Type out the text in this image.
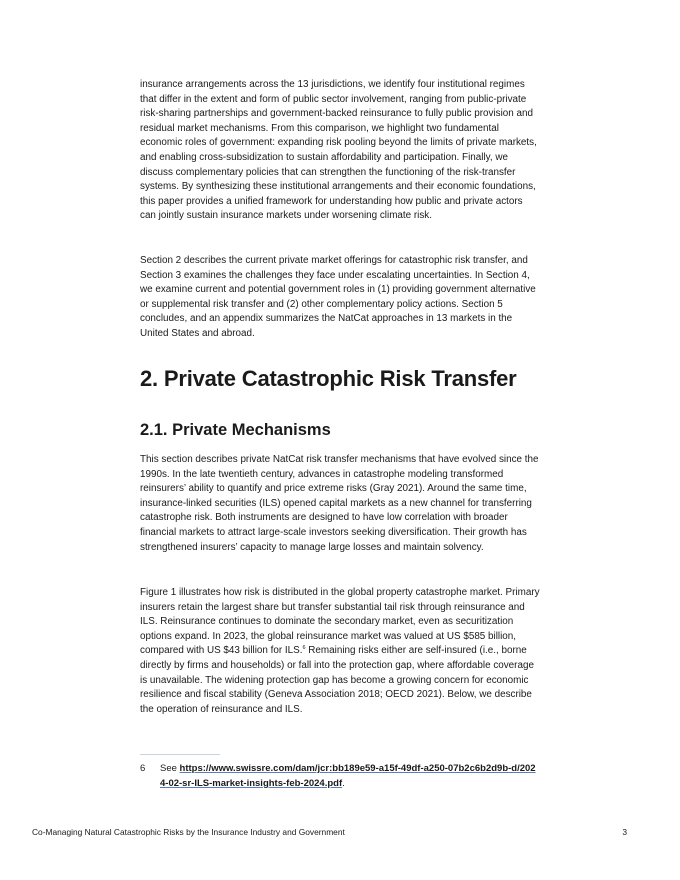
insurance arrangements across the 13 jurisdictions, we identify four institutional regimes that differ in the extent and form of public sector involvement, ranging from public-private risk-sharing partnerships and government-backed reinsurance to fully public provision and residual market mechanisms. From this comparison, we highlight two fundamental economic roles of government: expanding risk pooling beyond the limits of private markets, and enabling cross-subsidization to sustain affordability and participation. Finally, we discuss complementary policies that can strengthen the functioning of the risk-transfer systems. By synthesizing these institutional arrangements and their economic foundations, this paper provides a unified framework for understanding how public and private actors can jointly sustain insurance markets under worsening climate risk.

Section 2 describes the current private market offerings for catastrophic risk transfer, and Section 3 examines the challenges they face under escalating uncertainties. In Section 4, we examine current and potential government roles in (1) providing government alternative or supplemental risk transfer and (2) other complementary policy actions. Section 5 concludes, and an appendix summarizes the NatCat approaches in 13 markets in the United States and abroad.

2. Private Catastrophic Risk Transfer
2.1. Private Mechanisms

This section describes private NatCat risk transfer mechanisms that have evolved since the 1990s. In the late twentieth century, advances in catastrophe modeling transformed reinsurers’ ability to quantify and price extreme risks (Gray 2021). Around the same time, insurance-linked securities (ILS) opened capital markets as a new channel for transferring catastrophe risk. Both instruments are designed to have low correlation with broader financial markets to attract large-scale investors seeking diversification. Their growth has strengthened insurers’ capacity to manage large losses and maintain solvency.

Figure 1 illustrates how risk is distributed in the global property catastrophe market. Primary insurers retain the largest share but transfer substantial tail risk through reinsurance and ILS. Reinsurance continues to dominate the secondary market, even as securitization options expand. In 2023, the global reinsurance market was valued at US $585 billion, compared with US $43 billion for ILS.$^6$ Remaining risks either are self-insured (i.e., borne directly by firms and households) or fall into the protection gap, where affordable coverage is unavailable. The widening protection gap has become a growing concern for economic resilience and fiscal stability (Geneva Association 2018; OECD 2021). Below, we describe the operation of reinsurance and ILS.

6 See https://www.swissre.com/dam/jcr:bb189e59-a15f-49df-a250-07b2c6b2d9b-d/2024-02-sr-ILS-market-insights-feb-2024.pdf.
Co-Managing Natural Catastrophic Risks by the Insurance Industry and Government	3
